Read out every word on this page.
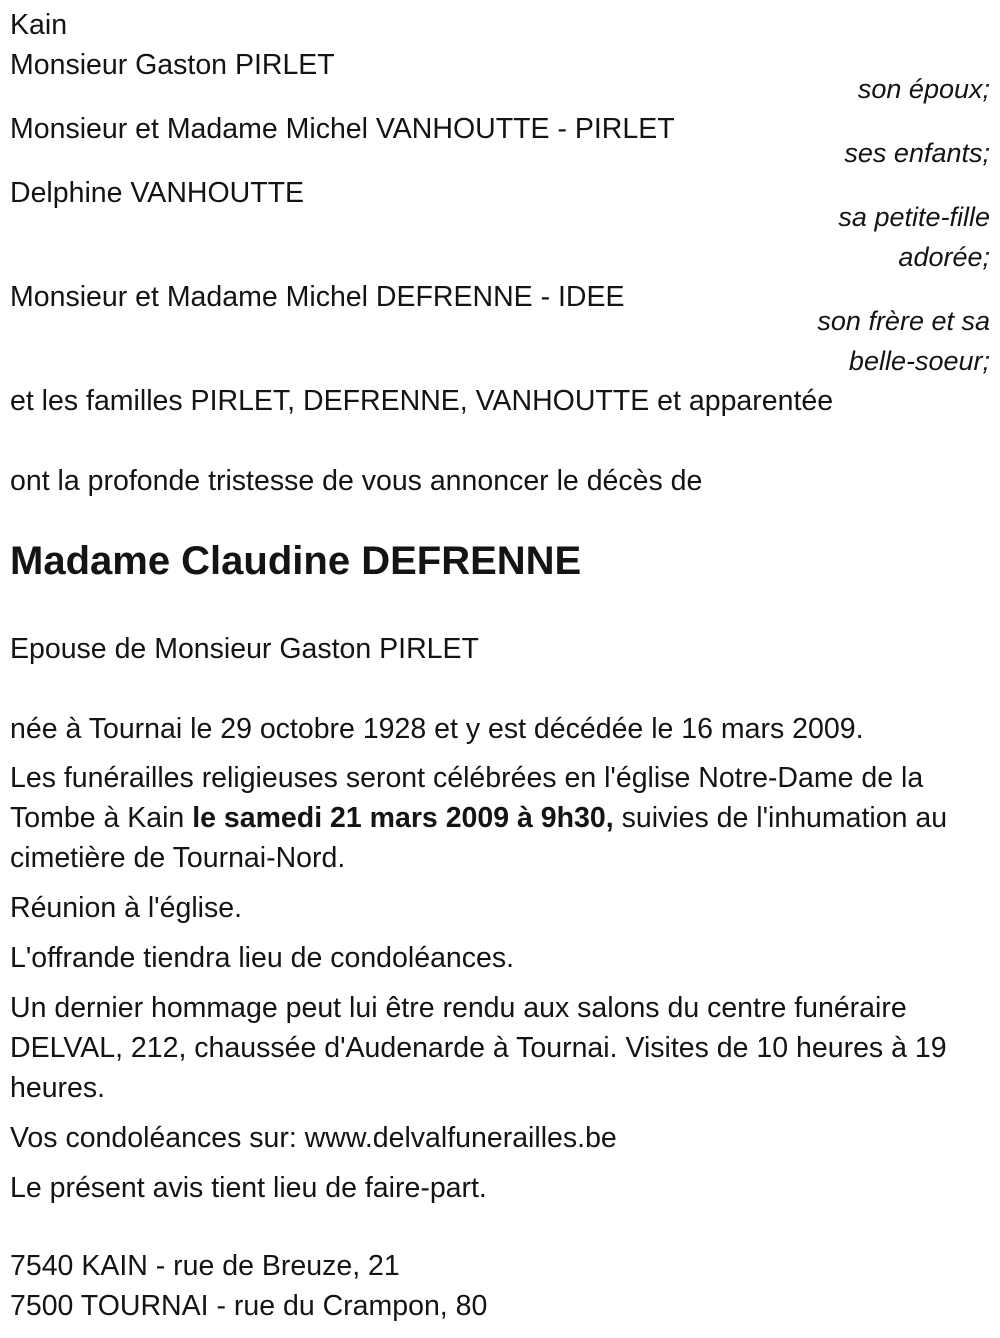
Kain
Monsieur Gaston PIRLET
son époux;
Monsieur et Madame Michel VANHOUTTE - PIRLET
ses enfants;
Delphine VANHOUTTE
sa petite-fille
adorée;
Monsieur et Madame Michel DEFRENNE - IDEE
son frère et sa
belle-soeur;
et les familles PIRLET, DEFRENNE, VANHOUTTE et apparentée
ont la profonde tristesse de vous annoncer le décès de
Madame Claudine DEFRENNE
Epouse de Monsieur Gaston PIRLET
née à Tournai le 29 octobre 1928 et y est décédée le 16 mars 2009.
Les funérailles religieuses seront célébrées en l'église Notre-Dame de la Tombe à Kain le samedi 21 mars 2009 à 9h30, suivies de l'inhumation au cimetière de Tournai-Nord.
Réunion à l'église.
L'offrande tiendra lieu de condoléances.
Un dernier hommage peut lui être rendu aux salons du centre funéraire DELVAL, 212, chaussée d'Audenarde à Tournai. Visites de 10 heures à 19 heures.
Vos condoléances sur: www.delvalfunerailles.be
Le présent avis tient lieu de faire-part.
7540 KAIN - rue de Breuze, 21
7500 TOURNAI - rue du Crampon, 80
